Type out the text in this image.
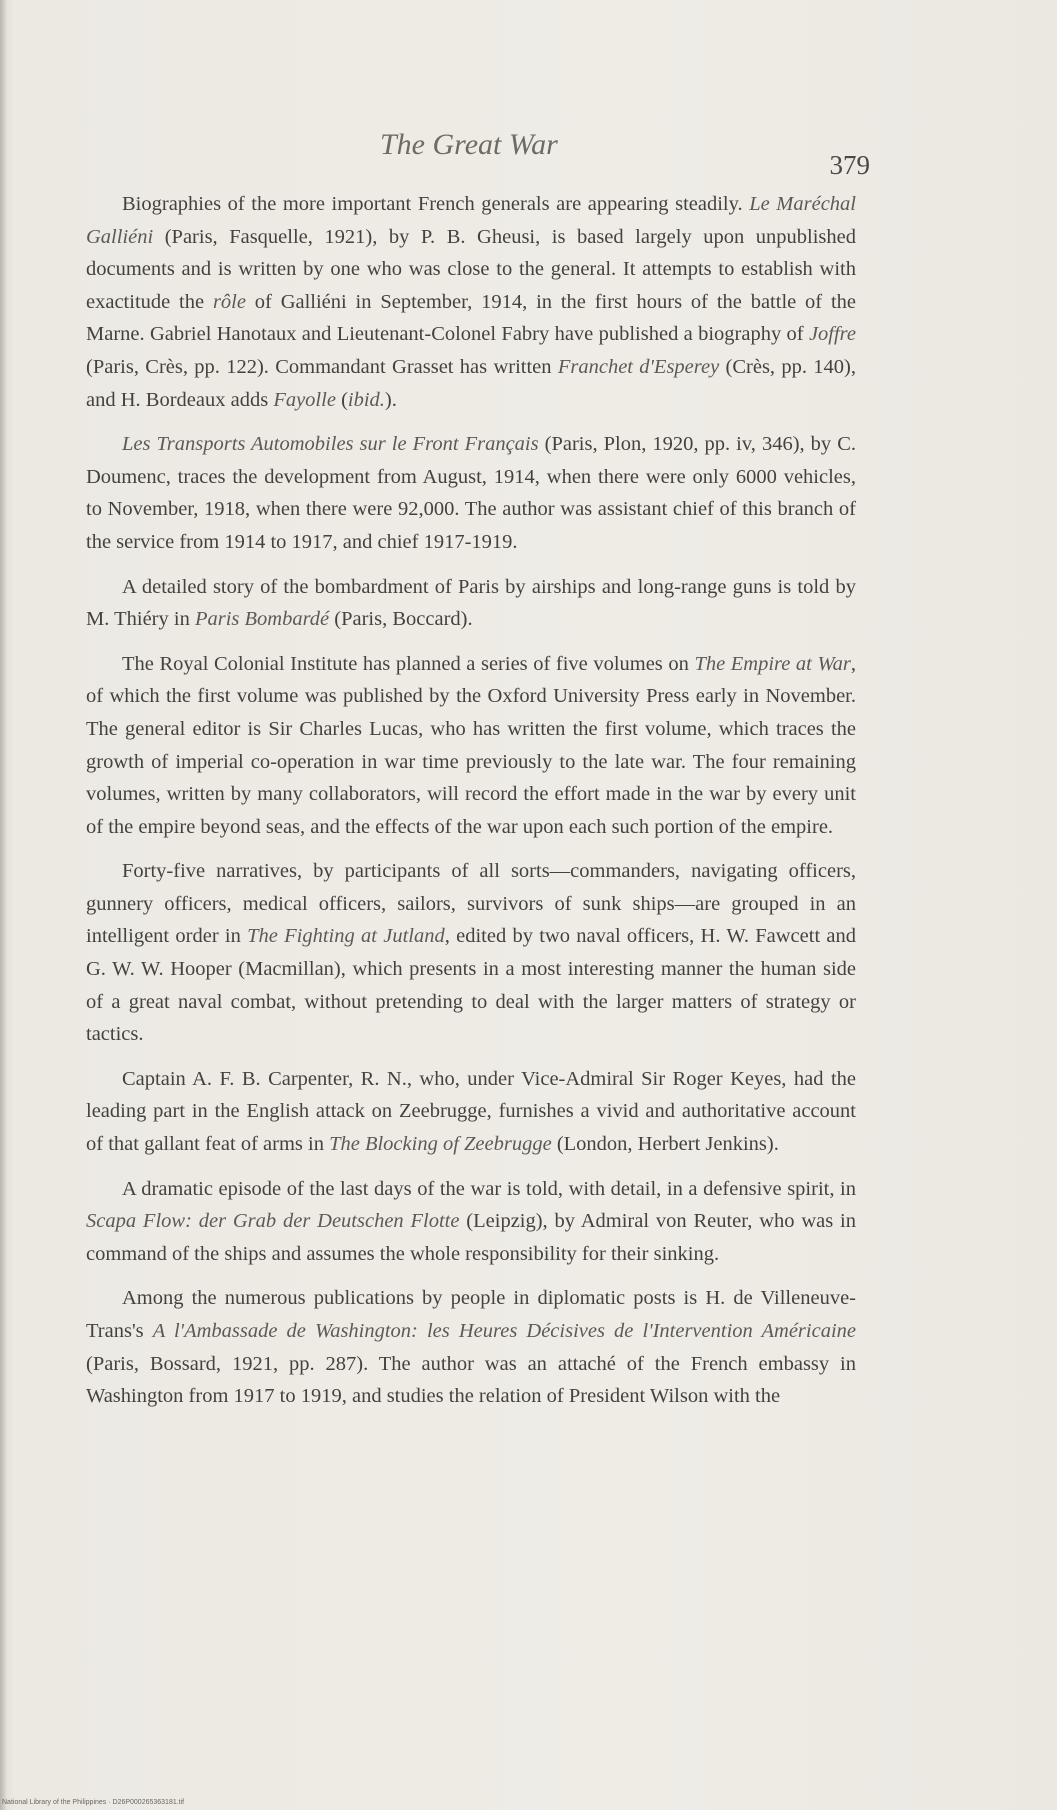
The Great War
379

Biographies of the more important French generals are appearing steadily. Le Maréchal Galliéni (Paris, Fasquelle, 1921), by P. B. Gheusi, is based largely upon unpublished documents and is written by one who was close to the general. It attempts to establish with exactitude the rôle of Galliéni in September, 1914, in the first hours of the battle of the Marne. Gabriel Hanotaux and Lieutenant-Colonel Fabry have published a biography of Joffre (Paris, Crès, pp. 122). Commandant Grasset has written Franchet d'Esperey (Crès, pp. 140), and H. Bordeaux adds Fayolle (ibid.).

Les Transports Automobiles sur le Front Français (Paris, Plon, 1920, pp. iv, 346), by C. Doumenc, traces the development from August, 1914, when there were only 6000 vehicles, to November, 1918, when there were 92,000. The author was assistant chief of this branch of the service from 1914 to 1917, and chief 1917-1919.

A detailed story of the bombardment of Paris by airships and long-range guns is told by M. Thiéry in Paris Bombardé (Paris, Boccard).

The Royal Colonial Institute has planned a series of five volumes on The Empire at War, of which the first volume was published by the Oxford University Press early in November. The general editor is Sir Charles Lucas, who has written the first volume, which traces the growth of imperial co-operation in war time previously to the late war. The four remaining volumes, written by many collaborators, will record the effort made in the war by every unit of the empire beyond seas, and the effects of the war upon each such portion of the empire.

Forty-five narratives, by participants of all sorts—commanders, navigating officers, gunnery officers, medical officers, sailors, survivors of sunk ships—are grouped in an intelligent order in The Fighting at Jutland, edited by two naval officers, H. W. Fawcett and G. W. W. Hooper (Macmillan), which presents in a most interesting manner the human side of a great naval combat, without pretending to deal with the larger matters of strategy or tactics.

Captain A. F. B. Carpenter, R. N., who, under Vice-Admiral Sir Roger Keyes, had the leading part in the English attack on Zeebrugge, furnishes a vivid and authoritative account of that gallant feat of arms in The Blocking of Zeebrugge (London, Herbert Jenkins).

A dramatic episode of the last days of the war is told, with detail, in a defensive spirit, in Scapa Flow: der Grab der Deutschen Flotte (Leipzig), by Admiral von Reuter, who was in command of the ships and assumes the whole responsibility for their sinking.

Among the numerous publications by people in diplomatic posts is H. de Villeneuve-Trans's A l'Ambassade de Washington: les Heures Décisives de l'Intervention Américaine (Paris, Bossard, 1921, pp. 287). The author was an attaché of the French embassy in Washington from 1917 to 1919, and studies the relation of President Wilson with the

National Library of the Philippines · D26P000265363181.tif
